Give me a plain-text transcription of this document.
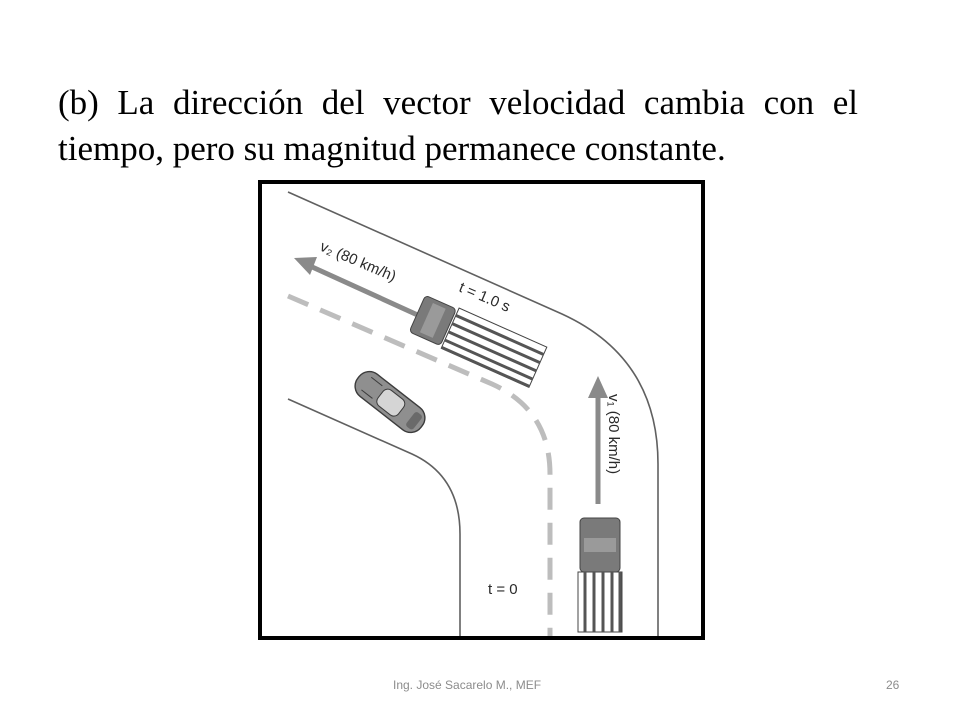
(b) La dirección del vector velocidad cambia con el tiempo, pero su magnitud permanece constante.

v₂ (80 km/h)
t = 1.0 s
v₁ (80 km/h)
t = 0
Ing. José Sacarelo M., MEF	26
